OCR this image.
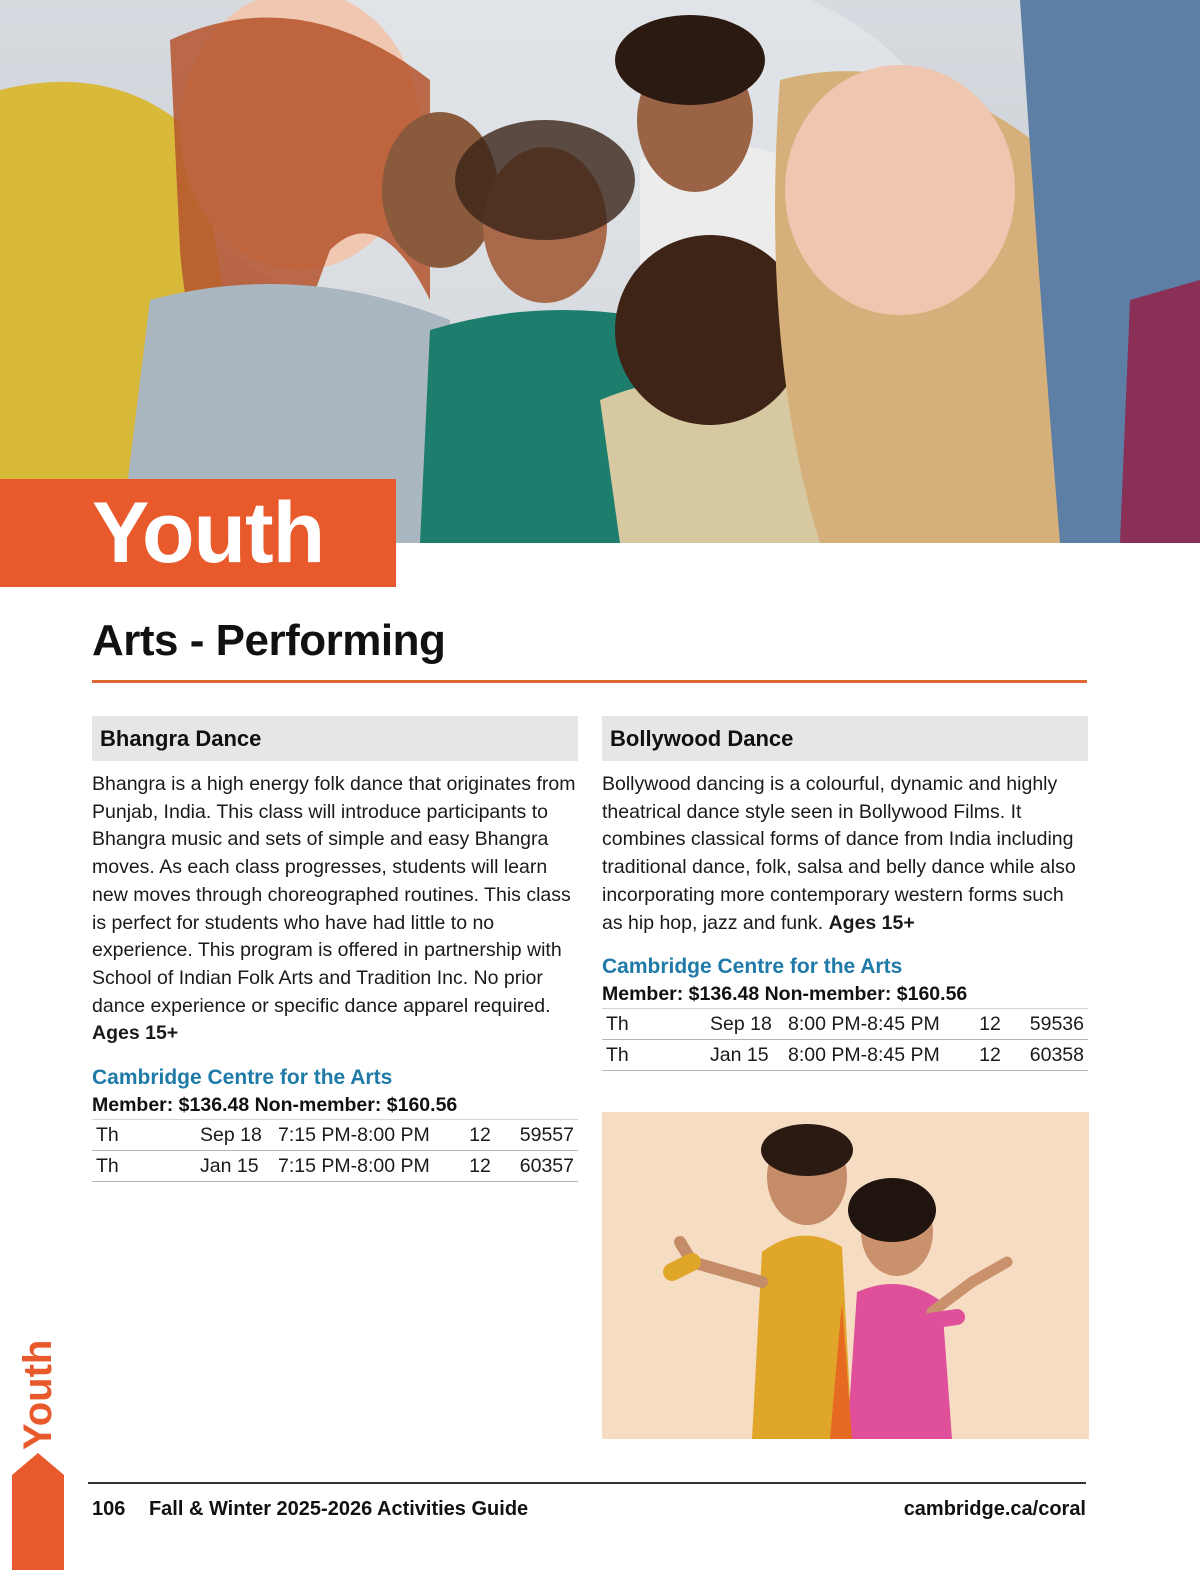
Youth
Arts - Performing
Bhangra Dance
Bhangra is a high energy folk dance that originates from Punjab, India. This class will introduce participants to Bhangra music and sets of simple and easy Bhangra moves. As each class progresses, students will learn new moves through choreographed routines. This class is perfect for students who have had little to no experience. This program is offered in partnership with School of Indian Folk Arts and Tradition Inc. No prior dance experience or specific dance apparel required. Ages 15+
Cambridge Centre for the Arts
Member: $136.48 Non-member: $160.56
Th	Sep 18	7:15 PM-8:00 PM	12	59557
Th	Jan 15	7:15 PM-8:00 PM	12	60357
Bollywood Dance
Bollywood dancing is a colourful, dynamic and highly theatrical dance style seen in Bollywood Films. It combines classical forms of dance from India including traditional dance, folk, salsa and belly dance while also incorporating more contemporary western forms such as hip hop, jazz and funk. Ages 15+
Cambridge Centre for the Arts
Member: $136.48 Non-member: $160.56
Th	Sep 18	8:00 PM-8:45 PM	12	59536
Th	Jan 15	8:00 PM-8:45 PM	12	60358
Youth
106 Fall & Winter 2025-2026 Activities Guide	cambridge.ca/coral
